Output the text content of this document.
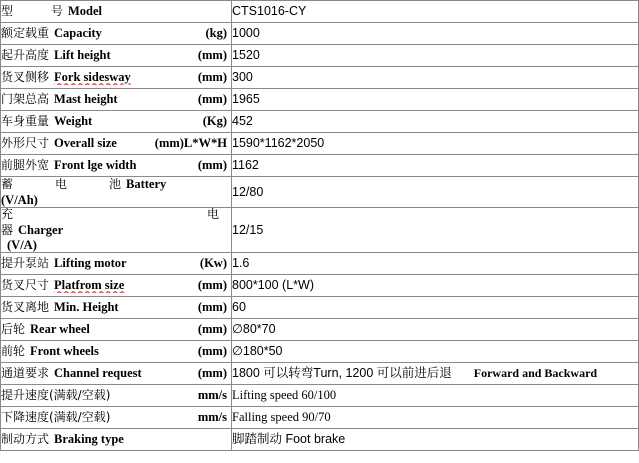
型　　号 Model	CTS1016-CY

额定载重 Capacity (kg)	1000

起升高度 Lift height (mm)	1520

货叉侧移 Fork sidesway (mm)	300

门架总高 Mast height (mm)	1965

车身重量 Weight (Kg)	452

外形尺寸 Overall size (mm)L*W*H	1590*1162*2050

前腿外宽 Front lge width (mm)	1162

蓄　电　池 Battery
(V/Ah)	12/80

充　　　电
器 Charger
(V/A)	12/15

提升泵站 Lifting motor (Kw)	1.6

货叉尺寸 Platfrom size (mm)	800*100 (L*W)

货叉离地 Min. Height (mm)	60

后轮 Rear wheel (mm)	∅80*70

前轮 Front wheels (mm)	∅180*50

通道要求 Channel request (mm)	1800 可以转弯Turn, 1200 可以前进后退 Forward and Backward

提升速度(满载/空载) mm/s	Lifting speed 60/100

下降速度(满载/空载) mm/s	Falling speed 90/70

制动方式 Braking type	脚踏制动 Foot brake
